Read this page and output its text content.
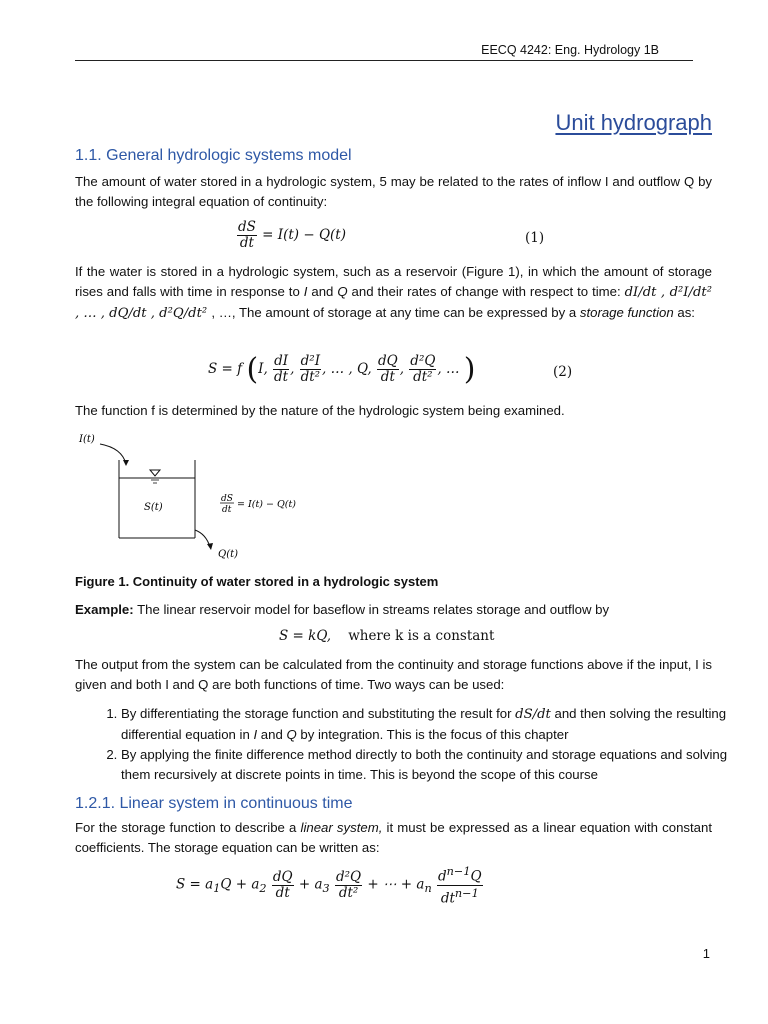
EECQ 4242: Eng. Hydrology 1B
Unit hydrograph
1.1. General hydrologic systems model
The amount of water stored in a hydrologic system, 5 may be related to the rates of inflow I and outflow Q by the following integral equation of continuity:
$\frac{dS}{dt} = I(t) - Q(t)$	(1)
If the water is stored in a hydrologic system, such as a reservoir (Figure 1), in which the amount of storage rises and falls with time in response to I and Q and their rates of change with respect to time: dI/dt , d²I/dt² , … , dQ/dt , d²Q/dt² , …, The amount of storage at any time can be expressed by a storage function as:
S = f (I, $\frac{dI}{dt}$ , $\frac{\text{d²I}}{\text{dt²}}$ , … , Q, $\frac{dQ}{dt}$ , $\frac{\text{d²Q}}{\text{dt²}}$ , … )	(2)
The function f is determined by the nature of the hydrologic system being examined.
I(t)
S(t)
Q(t)
dS
dt = I(t) − Q(t)
Figure 1. Continuity of water stored in a hydrologic system
Example: The linear reservoir model for baseflow in streams relates storage and outflow by
S = kQ, where k is a constant
The output from the system can be calculated from the continuity and storage functions above if the input, I is given and both I and Q are both functions of time. Two ways can be used:
1. By differentiating the storage function and substituting the result for dS/dt and then solving the resulting differential equation in I and Q by integration. This is the focus of this chapter
2. By applying the finite difference method directly to both the continuity and storage equations and solving them recursively at discrete points in time. This is beyond the scope of this course
1.2.1. Linear system in continuous time
For the storage function to describe a linear system, it must be expressed as a linear equation with constant coefficients. The storage equation can be written as:
$S = a_1Q + a_2 \frac{dQ}{dt} + a_3 \frac{\text{d²Q}}{\text{dt²}}$ + ⋯ + $a_n \frac{d^{n-1}Q}{dt^{n-1}}$
1
